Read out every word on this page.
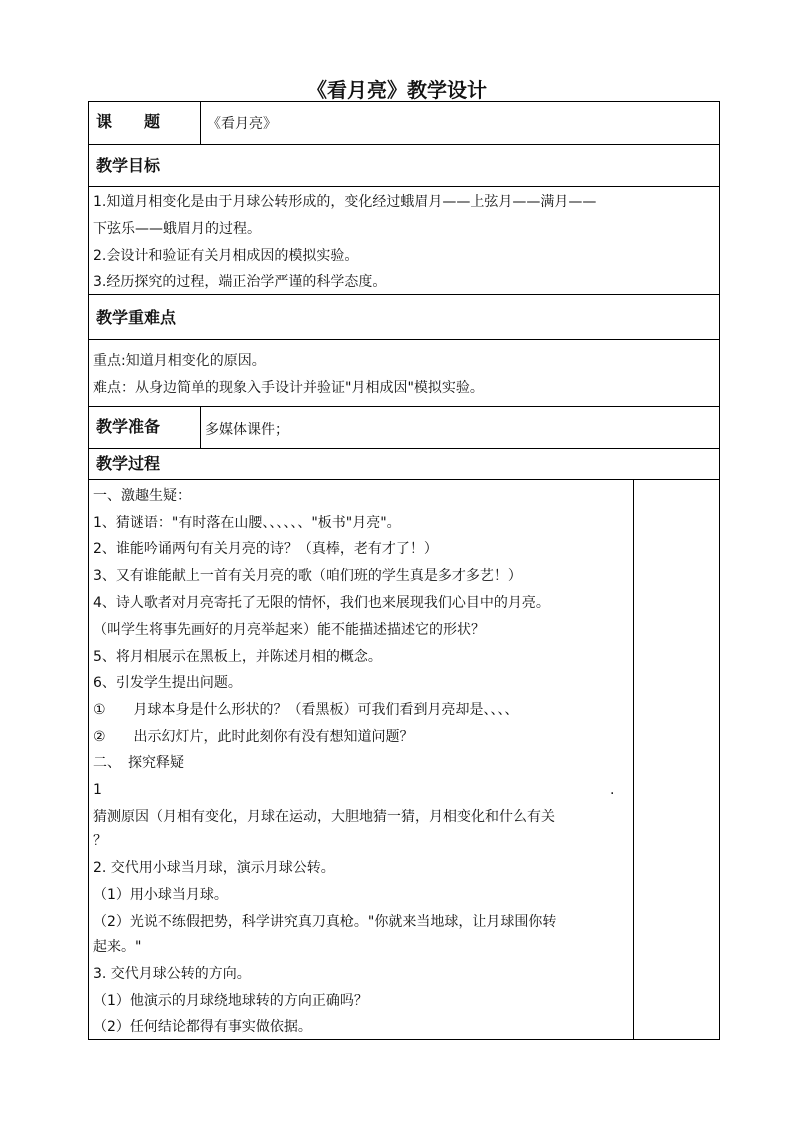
《看月亮》教学设计
课　　题	《看月亮》
教学目标
1.知道月相变化是由于月球公转形成的，变化经过蛾眉月——上弦月——满月——
下弦乐——蛾眉月的过程。
2.会设计和验证有关月相成因的模拟实验。
3.经历探究的过程，端正治学严谨的科学态度。
教学重难点
重点:知道月相变化的原因。
难点：从身边简单的现象入手设计并验证"月相成因"模拟实验。
教学准备	多媒体课件；
教学过程
一、激趣生疑：
1、猜谜语："有时落在山腰、、、、、、"板书"月亮"。
2、谁能吟诵两句有关月亮的诗？（真棒，老有才了！）
3、又有谁能献上一首有关月亮的歌（咱们班的学生真是多才多艺！）
4、诗人歌者对月亮寄托了无限的情怀，我们也来展现我们心目中的月亮。
（叫学生将事先画好的月亮举起来）能不能描述描述它的形状？
5、将月相展示在黑板上，并陈述月相的概念。
6、引发学生提出问题。
①　　月球本身是什么形状的？（看黑板）可我们看到月亮却是、、、、
②　　出示幻灯片，此时此刻你有没有想知道问题？
二、　探究释疑
1	.
猜测原因（月相有变化，月球在运动，大胆地猜一猜，月相变化和什么有关
？
2. 交代用小球当月球，演示月球公转。
（1）用小球当月球。
（2）光说不练假把势，科学讲究真刀真枪。"你就来当地球，让月球围你转
起来。"
3. 交代月球公转的方向。
（1）他演示的月球绕地球转的方向正确吗？
（2）任何结论都得有事实做依据。
